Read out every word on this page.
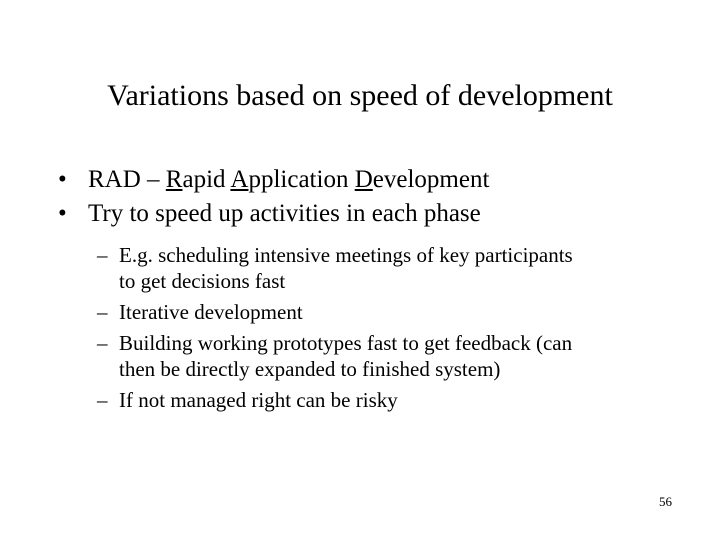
Variations based on speed of development
• RAD – Rapid Application Development
• Try to speed up activities in each phase
– E.g. scheduling intensive meetings of key participants
to get decisions fast
– Iterative development
– Building working prototypes fast to get feedback (can
then be directly expanded to finished system)
– If not managed right can be risky
56
